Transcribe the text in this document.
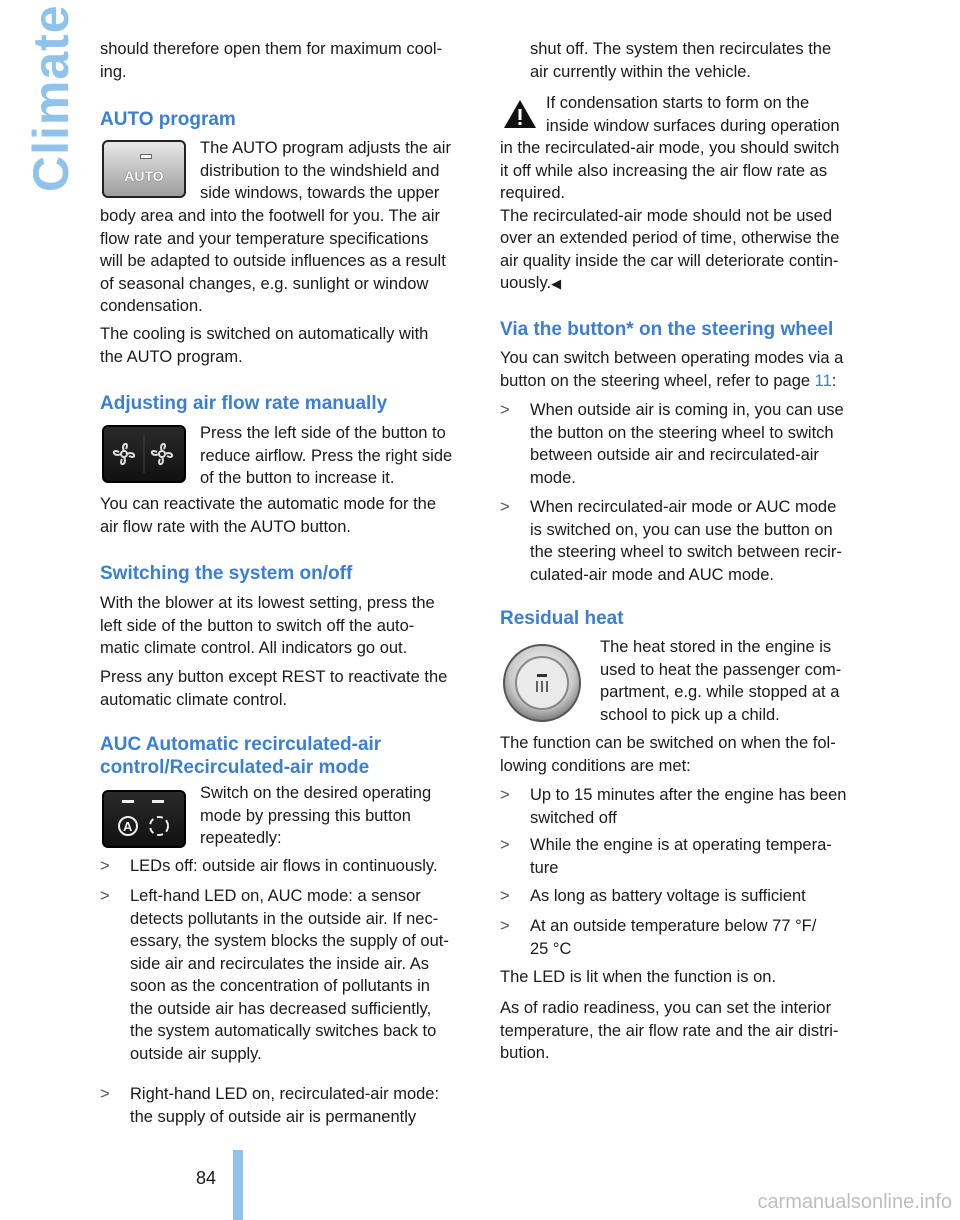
Climate should therefore open them for maximum cool-
ing.
AUTO program
AUTO
The AUTO program adjusts the air
distribution to the windshield and
side windows, towards the upper
body area and into the footwell for you. The air
flow rate and your temperature specifications
will be adapted to outside influences as a result
of seasonal changes, e.g. sunlight or window
condensation.
The cooling is switched on automatically with
the AUTO program.
Adjusting air flow rate manually
Press the left side of the button to
reduce airflow. Press the right side
of the button to increase it.
You can reactivate the automatic mode for the
air flow rate with the AUTO button.
Switching the system on/off
With the blower at its lowest setting, press the
left side of the button to switch off the auto-
matic climate control. All indicators go out.
Press any button except REST to reactivate the
automatic climate control.
AUC Automatic recirculated-air
control/Recirculated-air mode
A
Switch on the desired operating
mode by pressing this button
repeatedly:
> LEDs off: outside air flows in continuously.
> Left-hand LED on, AUC mode: a sensor
detects pollutants in the outside air. If nec-
essary, the system blocks the supply of out-
side air and recirculates the inside air. As
soon as the concentration of pollutants in
the outside air has decreased sufficiently,
the system automatically switches back to
outside air supply.
> Right-hand LED on, recirculated-air mode:
the supply of outside air is permanently
shut off. The system then recirculates the
air currently within the vehicle.
If condensation starts to form on the
inside window surfaces during operation
in the recirculated-air mode, you should switch
it off while also increasing the air flow rate as
required.
The recirculated-air mode should not be used
over an extended period of time, otherwise the
air quality inside the car will deteriorate contin-
uously.◀
Via the button* on the steering wheel
You can switch between operating modes via a
button on the steering wheel, refer to page 11:
> When outside air is coming in, you can use
the button on the steering wheel to switch
between outside air and recirculated-air
mode.
> When recirculated-air mode or AUC mode
is switched on, you can use the button on
the steering wheel to switch between recir-
culated-air mode and AUC mode.
Residual heat
The heat stored in the engine is
used to heat the passenger com-
partment, e.g. while stopped at a
school to pick up a child.
The function can be switched on when the fol-
lowing conditions are met:
> Up to 15 minutes after the engine has been
switched off
> While the engine is at operating tempera-
ture
> As long as battery voltage is sufficient
> At an outside temperature below 77 °F/
25 °C
The LED is lit when the function is on.
As of radio readiness, you can set the interior
temperature, the air flow rate and the air distri-
bution.
84
carmanualsonline.info
